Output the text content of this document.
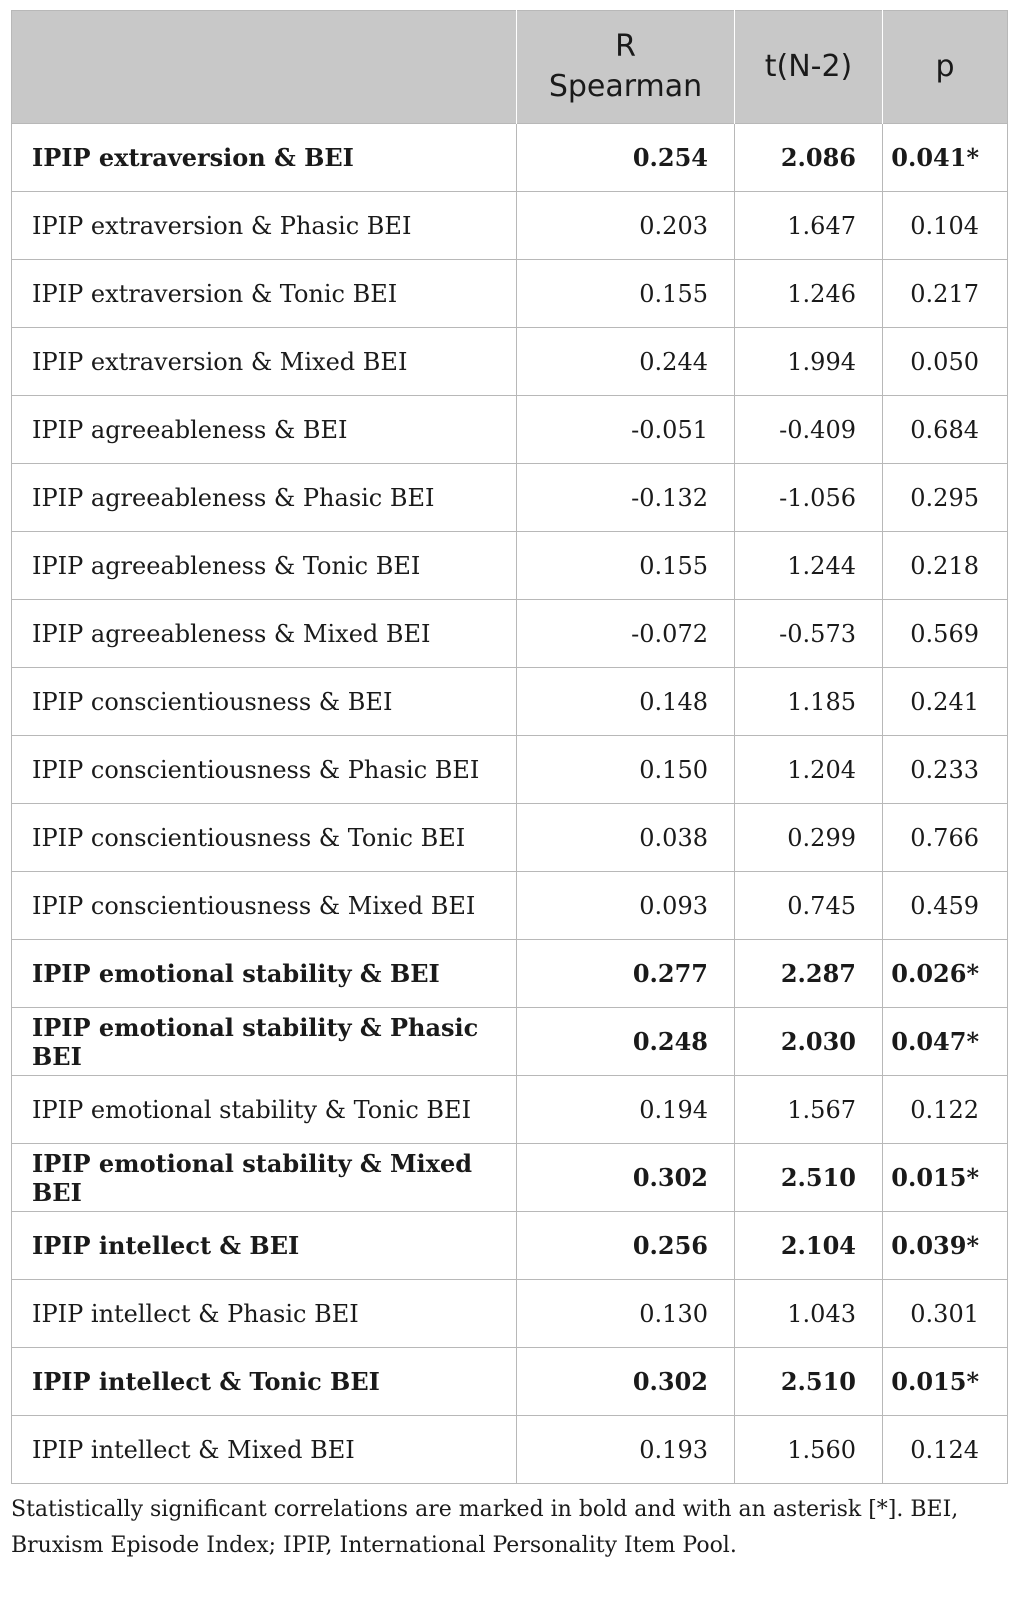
	R Spearman	t(N-2)	p
IPIP extraversion & BEI	0.254	2.086	0.041*
IPIP extraversion & Phasic BEI	0.203	1.647	0.104
IPIP extraversion & Tonic BEI	0.155	1.246	0.217
IPIP extraversion & Mixed BEI	0.244	1.994	0.050
IPIP agreeableness & BEI	-0.051	-0.409	0.684
IPIP agreeableness & Phasic BEI	-0.132	-1.056	0.295
IPIP agreeableness & Tonic BEI	0.155	1.244	0.218
IPIP agreeableness & Mixed BEI	-0.072	-0.573	0.569
IPIP conscientiousness & BEI	0.148	1.185	0.241
IPIP conscientiousness & Phasic BEI	0.150	1.204	0.233
IPIP conscientiousness & Tonic BEI	0.038	0.299	0.766
IPIP conscientiousness & Mixed BEI	0.093	0.745	0.459
IPIP emotional stability & BEI	0.277	2.287	0.026*
IPIP emotional stability & Phasic BEI	0.248	2.030	0.047*
IPIP emotional stability & Tonic BEI	0.194	1.567	0.122
IPIP emotional stability & Mixed BEI	0.302	2.510	0.015*
IPIP intellect & BEI	0.256	2.104	0.039*
IPIP intellect & Phasic BEI	0.130	1.043	0.301
IPIP intellect & Tonic BEI	0.302	2.510	0.015*
IPIP intellect & Mixed BEI	0.193	1.560	0.124
Statistically significant correlations are marked in bold and with an asterisk [*]. BEI, Bruxism Episode Index; IPIP, International Personality Item Pool.
